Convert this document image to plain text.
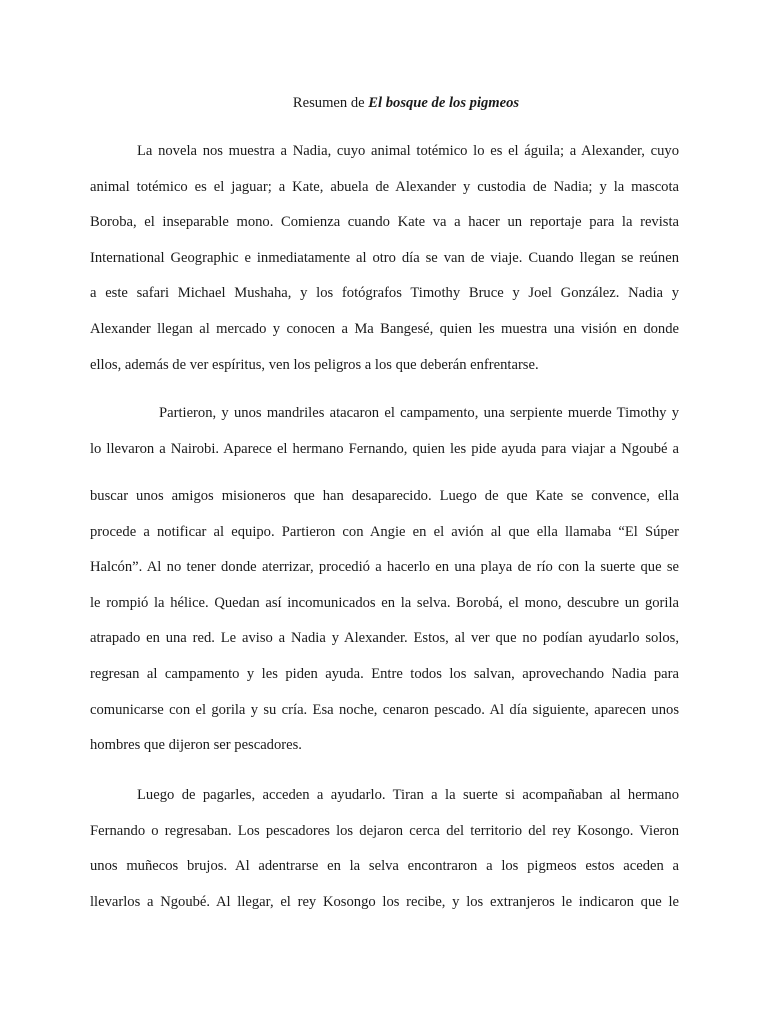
Resumen de El bosque de los pigmeos

La novela nos muestra a Nadia, cuyo animal totémico lo es el águila; a Alexander, cuyo
animal totémico es el jaguar; a Kate, abuela de Alexander y custodia de Nadia; y la mascota
Boroba, el inseparable mono. Comienza cuando Kate va a hacer un reportaje para la revista
International Geographic e inmediatamente al otro día se van de viaje. Cuando llegan se reúnen
a este safari Michael Mushaha, y los fotógrafos Timothy Bruce y Joel González. Nadia y
Alexander llegan al mercado y conocen a Ma Bangesé, quien les muestra una visión en donde
ellos, además de ver espíritus, ven los peligros a los que deberán enfrentarse.

Partieron, y unos mandriles atacaron el campamento, una serpiente muerde Timothy y
lo llevaron a Nairobi. Aparece el hermano Fernando, quien les pide ayuda para viajar a Ngoubé a

buscar unos amigos misioneros que han desaparecido. Luego de que Kate se convence, ella
procede a notificar al equipo. Partieron con Angie en el avión al que ella llamaba “El Súper
Halcón”. Al no tener donde aterrizar, procedió a hacerlo en una playa de río con la suerte que se
le rompió la hélice. Quedan así incomunicados en la selva. Borobá, el mono, descubre un gorila
atrapado en una red. Le aviso a Nadia y Alexander. Estos, al ver que no podían ayudarlo solos,
regresan al campamento y les piden ayuda. Entre todos los salvan, aprovechando Nadia para
comunicarse con el gorila y su cría. Esa noche, cenaron pescado. Al día siguiente, aparecen unos
hombres que dijeron ser pescadores.

Luego de pagarles, acceden a ayudarlo. Tiran a la suerte si acompañaban al hermano
Fernando o regresaban. Los pescadores los dejaron cerca del territorio del rey Kosongo. Vieron
unos muñecos brujos. Al adentrarse en la selva encontraron a los pigmeos estos aceden a
llevarlos a Ngoubé. Al llegar, el rey Kosongo los recibe, y los extranjeros le indicaron que le
